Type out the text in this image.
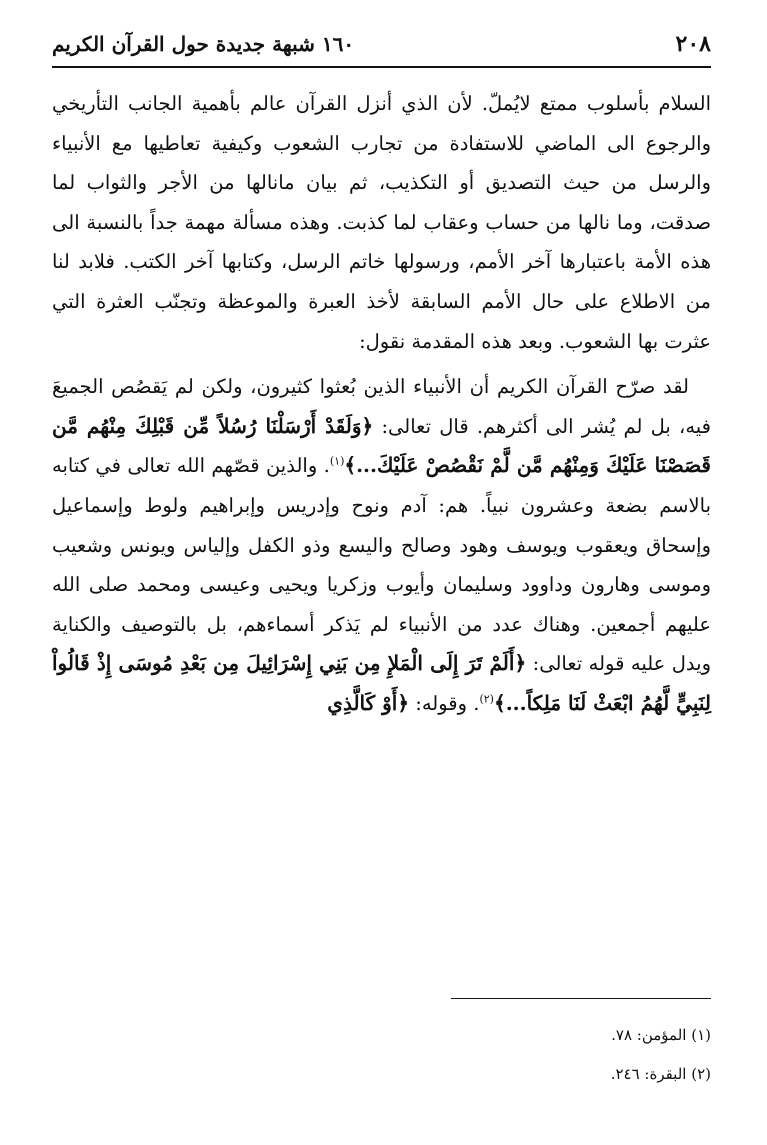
٢٠٨
١٦٠ شبهة جديدة حول القرآن الكريم

السلام بأسلوب ممتع لايُملّ. لأن الذي أنزل القرآن عالم بأهمية الجانب التأريخي والرجوع الى الماضي للاستفادة من تجارب الشعوب وكيفية تعاطيها مع الأنبياء والرسل من حيث التصديق أو التكذيب، ثم بيان مانالها من الأجر والثواب لما صدقت، وما نالها من حساب وعقاب لما كذبت. وهذه مسألة مهمة جداً بالنسبة الى هذه الأمة باعتبارها آخر الأمم، ورسولها خاتم الرسل، وكتابها آخر الكتب. فلابد لنا من الاطلاع على حال الأمم السابقة لأخذ العبرة والموعظة وتجنّب العثرة التي عثرت بها الشعوب. وبعد هذه المقدمة نقول:

لقد صرّح القرآن الكريم أن الأنبياء الذين بُعثوا كثيرون، ولكن لم يَقصُص الجميعَ فيه، بل لم يُشر الى أكثرهم. قال تعالى: ﴿وَلَقَدْ أَرْسَلْنَا رُسُلاً مِّن قَبْلِكَ مِنْهُم مَّن قَصَصْنَا عَلَيْكَ وَمِنْهُم مَّن لَّمْ نَقْصُصْ عَلَيْكَ...﴾$^{(١)}$. والذين قصّهم الله تعالى في كتابه بالاسم بضعة وعشرون نبياً. هم: آدم ونوح وإدريس وإبراهيم ولوط وإسماعيل وإسحاق ويعقوب ويوسف وهود وصالح واليسع وذو الكفل وإلياس ويونس وشعيب وموسى وهارون وداوود وسليمان وأيوب وزكريا ويحيى وعيسى ومحمد صلى الله عليهم أجمعين. وهناك عدد من الأنبياء لم يَذكر أسماءهم، بل بالتوصيف والكناية ويدل عليه قوله تعالى: ﴿أَلَمْ تَرَ إِلَى الْمَلإِ مِن بَنِي إِسْرَائِيلَ مِن بَعْدِ مُوسَى إِذْ قَالُواْ لِنَبِيٍّ لَّهُمُ ابْعَثْ لَنَا مَلِكاً...﴾$^{(٢)}$. وقوله: ﴿أَوْ كَالَّذِي

(١) المؤمن: ٧٨.
(٢) البقرة: ٢٤٦.
